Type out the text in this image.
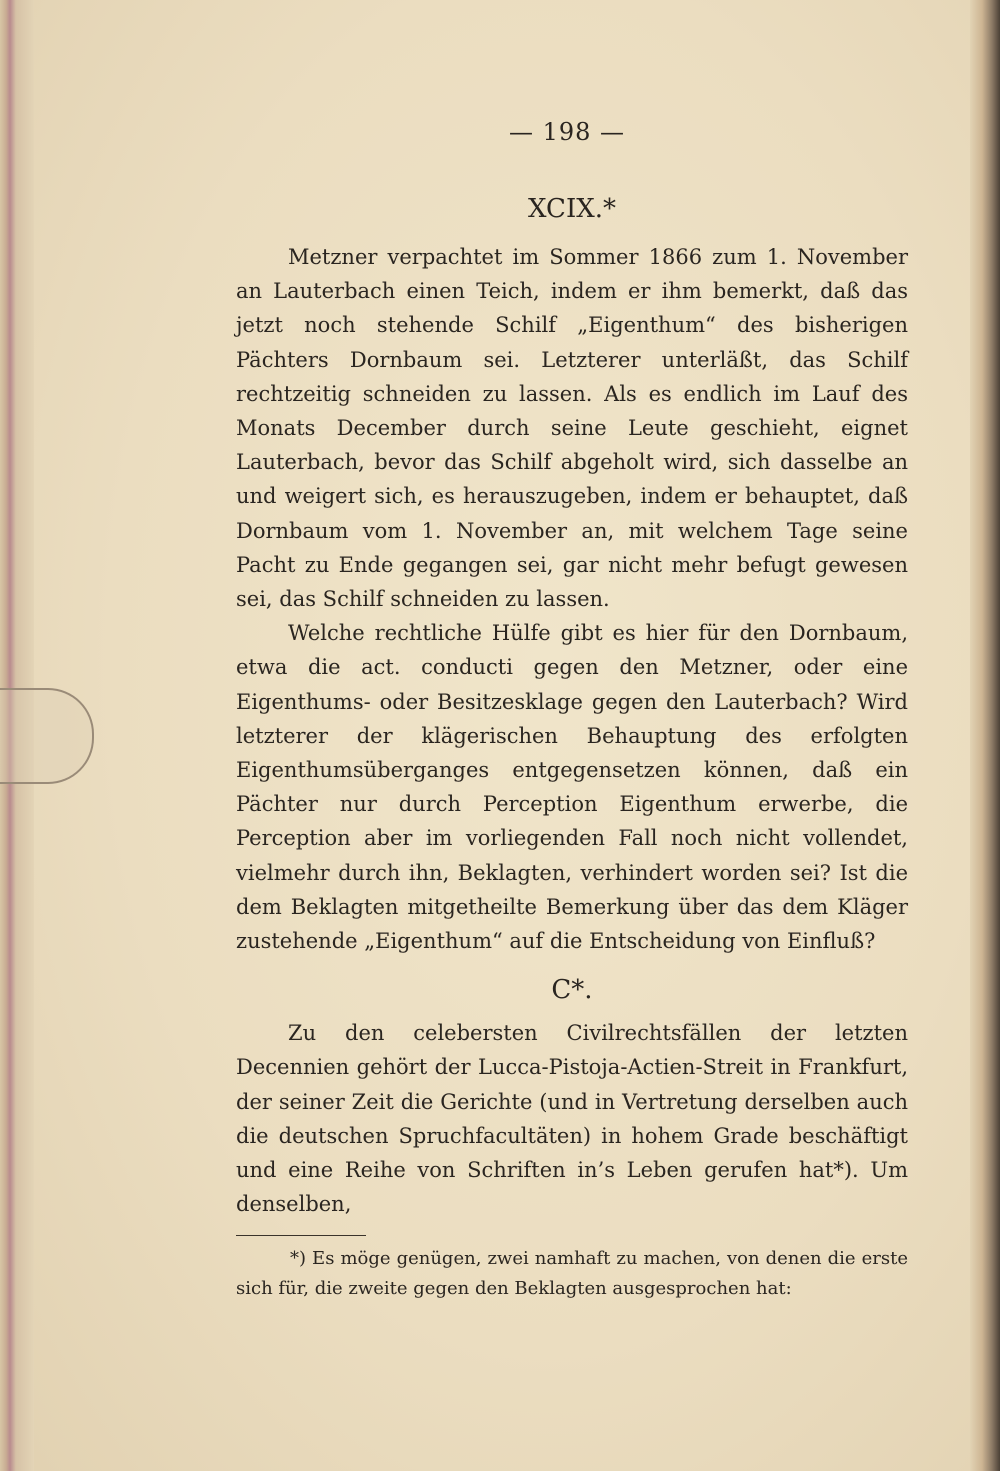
— 198 —
XCIX.*

Metzner verpachtet im Sommer 1866 zum 1. November an Lauterbach einen Teich, indem er ihm bemerkt, daß das jetzt noch stehende Schilf „Eigenthum“ des bisherigen Pächters Dornbaum sei. Letzterer unterläßt, das Schilf rechtzeitig schneiden zu lassen. Als es endlich im Lauf des Monats December durch seine Leute geschieht, eignet Lauterbach, bevor das Schilf abgeholt wird, sich dasselbe an und weigert sich, es herauszugeben, indem er behauptet, daß Dornbaum vom 1. November an, mit welchem Tage seine Pacht zu Ende gegangen sei, gar nicht mehr befugt gewesen sei, das Schilf schneiden zu lassen.

Welche rechtliche Hülfe gibt es hier für den Dornbaum, etwa die act. conducti gegen den Metzner, oder eine Eigenthums- oder Besitzesklage gegen den Lauterbach? Wird letzterer der klägerischen Behauptung des erfolgten Eigenthumsüberganges entgegensetzen können, daß ein Pächter nur durch Perception Eigenthum erwerbe, die Perception aber im vorliegenden Fall noch nicht vollendet, vielmehr durch ihn, Beklagten, verhindert worden sei? Ist die dem Beklagten mitgetheilte Bemerkung über das dem Kläger zustehende „Eigenthum“ auf die Entscheidung von Einfluß?

C*.

Zu den celebersten Civilrechtsfällen der letzten Decennien gehört der Lucca-Pistoja-Actien-Streit in Frankfurt, der seiner Zeit die Gerichte (und in Vertretung derselben auch die deutschen Spruchfacultäten) in hohem Grade beschäftigt und eine Reihe von Schriften in’s Leben gerufen hat*). Um denselben,

*) Es möge genügen, zwei namhaft zu machen, von denen die erste sich für, die zweite gegen den Beklagten ausgesprochen hat:
